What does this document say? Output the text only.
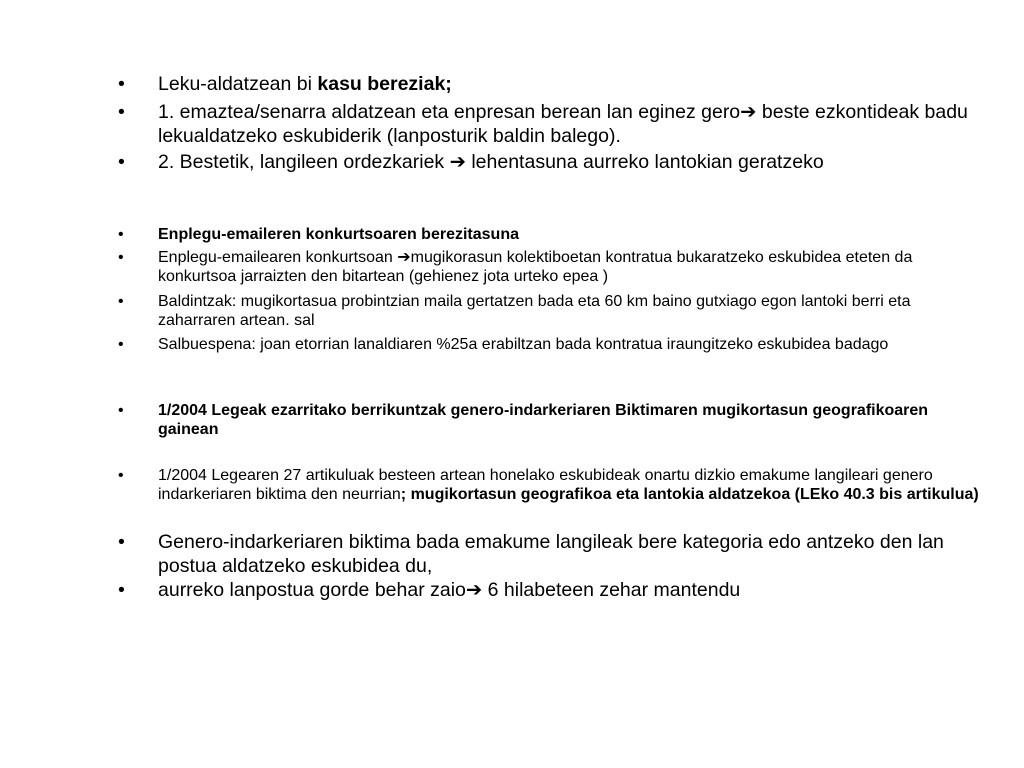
• Leku-aldatzean bi kasu bereziak;
• 1. emaztea/senarra aldatzean eta enpresan berean lan eginez gero➔ beste ezkontideak badu lekualdatzeko eskubiderik (lanposturik baldin balego).
• 2. Bestetik, langileen ordezkariek ➔ lehentasuna aurreko lantokian geratzeko
• Enplegu-emaileren konkurtsoaren berezitasuna
• Enplegu-emailearen konkurtsoan ➔mugikorasun kolektiboetan kontratua bukaratzeko eskubidea eteten da konkurtsoa jarraizten den bitartean (gehienez jota urteko epea )
• Baldintzak: mugikortasua probintzian maila gertatzen bada eta 60 km baino gutxiago egon lantoki berri eta zaharraren artean. sal
• Salbuespena: joan etorrian lanaldiaren %25a erabiltzan bada kontratua iraungitzeko eskubidea badago
• 1/2004 Legeak ezarritako berrikuntzak genero-indarkeriaren Biktimaren mugikortasun geografikoaren gainean
• 1/2004 Legearen 27 artikuluak besteen artean honelako eskubideak onartu dizkio emakume langileari genero indarkeriaren biktima den neurrian; mugikortasun geografikoa eta lantokia aldatzekoa (LEko 40.3 bis artikulua)
• Genero-indarkeriaren biktima bada emakume langileak bere kategoria edo antzeko den lan postua aldatzeko eskubidea du,
• aurreko lanpostua gorde behar zaio➔ 6 hilabeteen zehar mantendu
